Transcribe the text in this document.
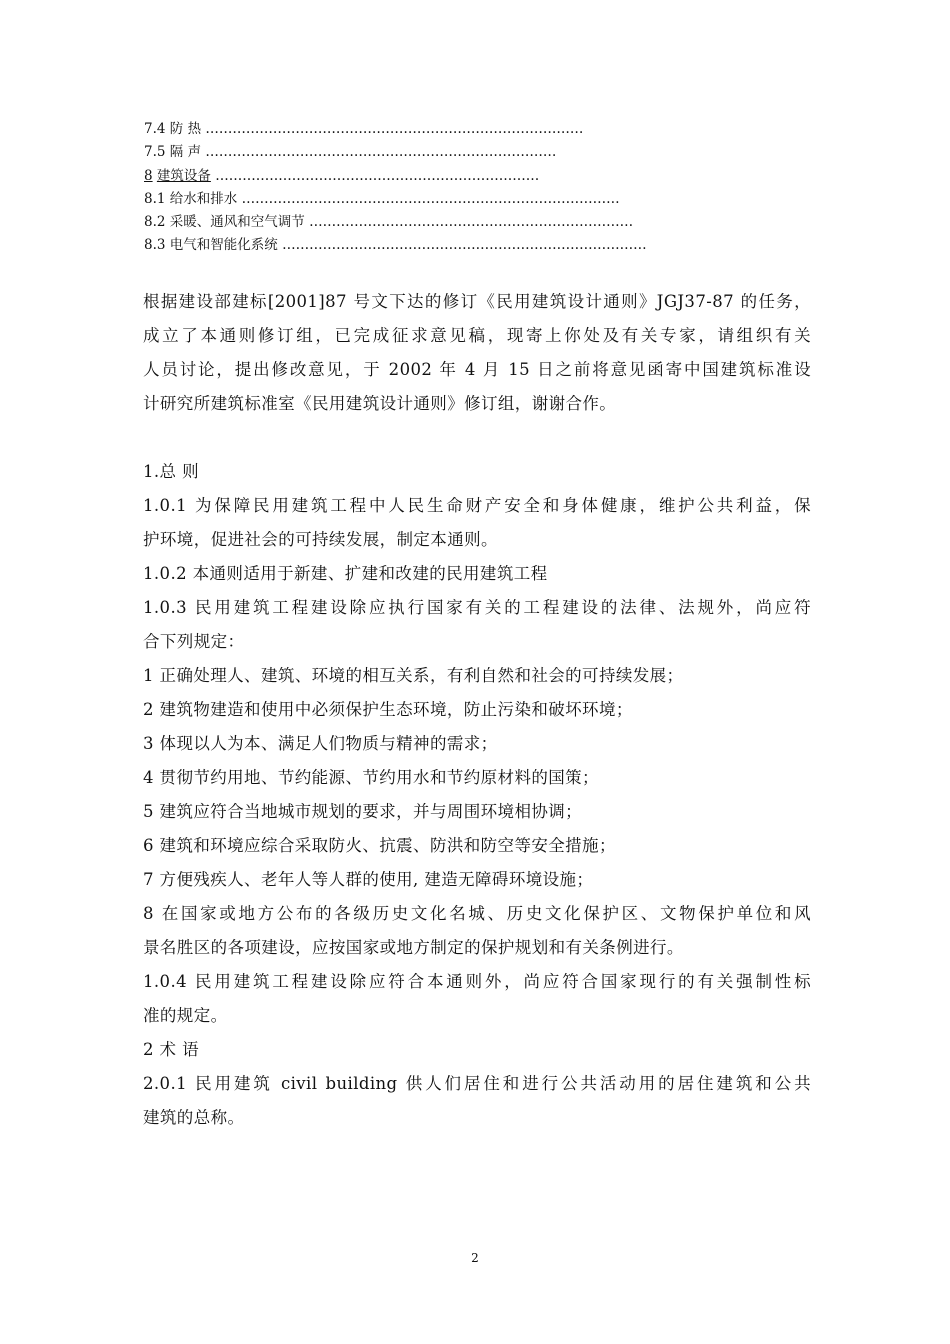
7.4 防 热 …………………………………………………………………………
7.5 隔 声 ……………………………………………………………………
8 建筑设备 ………………………………………………………………
8.1 给水和排水 …………………………………………………………………………
8.2 采暖、通风和空气调节 ………………………………………………………………
8.3 电气和智能化系统 ………………………………………………………………………
根据建设部建标[2001]87 号文下达的修订《民用建筑设计通则》JGJ37-87 的任务，
成立了本通则修订组，已完成征求意见稿，现寄上你处及有关专家，请组织有关
人员讨论，提出修改意见，于 2002 年 4 月 15 日之前将意见函寄中国建筑标准设
计研究所建筑标准室《民用建筑设计通则》修订组，谢谢合作。
1.总 则
1.0.1 为保障民用建筑工程中人民生命财产安全和身体健康，维护公共利益，保
护环境，促进社会的可持续发展，制定本通则。
1.0.2 本通则适用于新建、扩建和改建的民用建筑工程
1.0.3 民用建筑工程建设除应执行国家有关的工程建设的法律、法规外，尚应符
合下列规定：
1 正确处理人、建筑、环境的相互关系，有利自然和社会的可持续发展；
2 建筑物建造和使用中必须保护生态环境，防止污染和破坏环境；
3 体现以人为本、满足人们物质与精神的需求；
4 贯彻节约用地、节约能源、节约用水和节约原材料的国策；
5 建筑应符合当地城市规划的要求，并与周围环境相协调；
6 建筑和环境应综合采取防火、抗震、防洪和防空等安全措施；
7 方便残疾人、老年人等人群的使用, 建造无障碍环境设施；
8 在国家或地方公布的各级历史文化名城、历史文化保护区、文物保护单位和风
景名胜区的各项建设，应按国家或地方制定的保护规划和有关条例进行。
1.0.4 民用建筑工程建设除应符合本通则外，尚应符合国家现行的有关强制性标
准的规定。
2 术 语
2.0.1 民用建筑 civil building 供人们居住和进行公共活动用的居住建筑和公共
建筑的总称。
2
